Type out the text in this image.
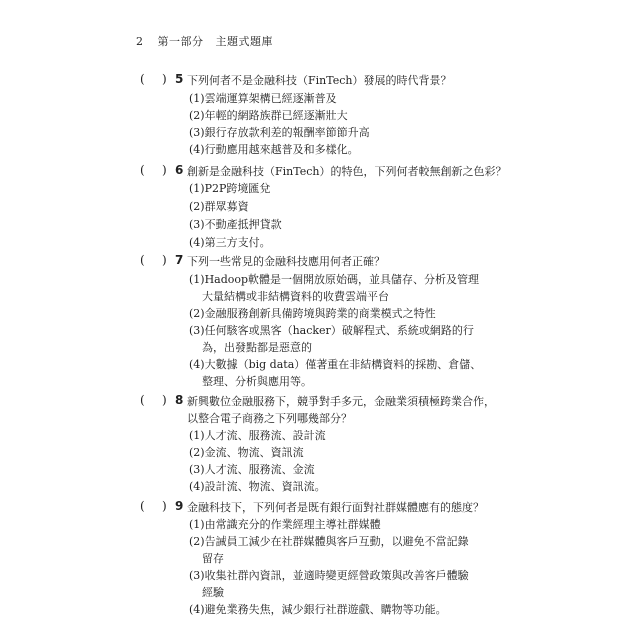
2 第一部分 主題式題庫
( ) 5 下列何者不是金融科技（FinTech）發展的時代背景？
(1)雲端運算架構已經逐漸普及
(2)年輕的網路族群已經逐漸壯大
(3)銀行存放款利差的報酬率節節升高
(4)行動應用越來越普及和多樣化。
( ) 6 創新是金融科技（FinTech）的特色，下列何者較無創新之色彩？
(1)P2P跨境匯兌
(2)群眾募資
(3)不動產抵押貸款
(4)第三方支付。
( ) 7 下列一些常見的金融科技應用何者正確？
(1)Hadoop軟體是一個開放原始碼，並具儲存、分析及管理
大量結構或非結構資料的收費雲端平台
(2)金融服務創新具備跨境與跨業的商業模式之特性
(3)任何駭客或黑客（hacker）破解程式、系統或網路的行
為，出發點都是惡意的
(4)大數據（big data）僅著重在非結構資料的採勘、倉儲、
整理、分析與應用等。
( ) 8 新興數位金融服務下，競爭對手多元，金融業須積極跨業合作，
以整合電子商務之下列哪幾部分？
(1)人才流、服務流、設計流
(2)金流、物流、資訊流
(3)人才流、服務流、金流
(4)設計流、物流、資訊流。
( ) 9 金融科技下，下列何者是既有銀行面對社群媒體應有的態度？
(1)由常識充分的作業經理主導社群媒體
(2)告誡員工減少在社群媒體與客戶互動，以避免不當記錄
留存
(3)收集社群內資訊，並適時變更經營政策與改善客戶體驗
經驗
(4)避免業務失焦，減少銀行社群遊戲、購物等功能。
